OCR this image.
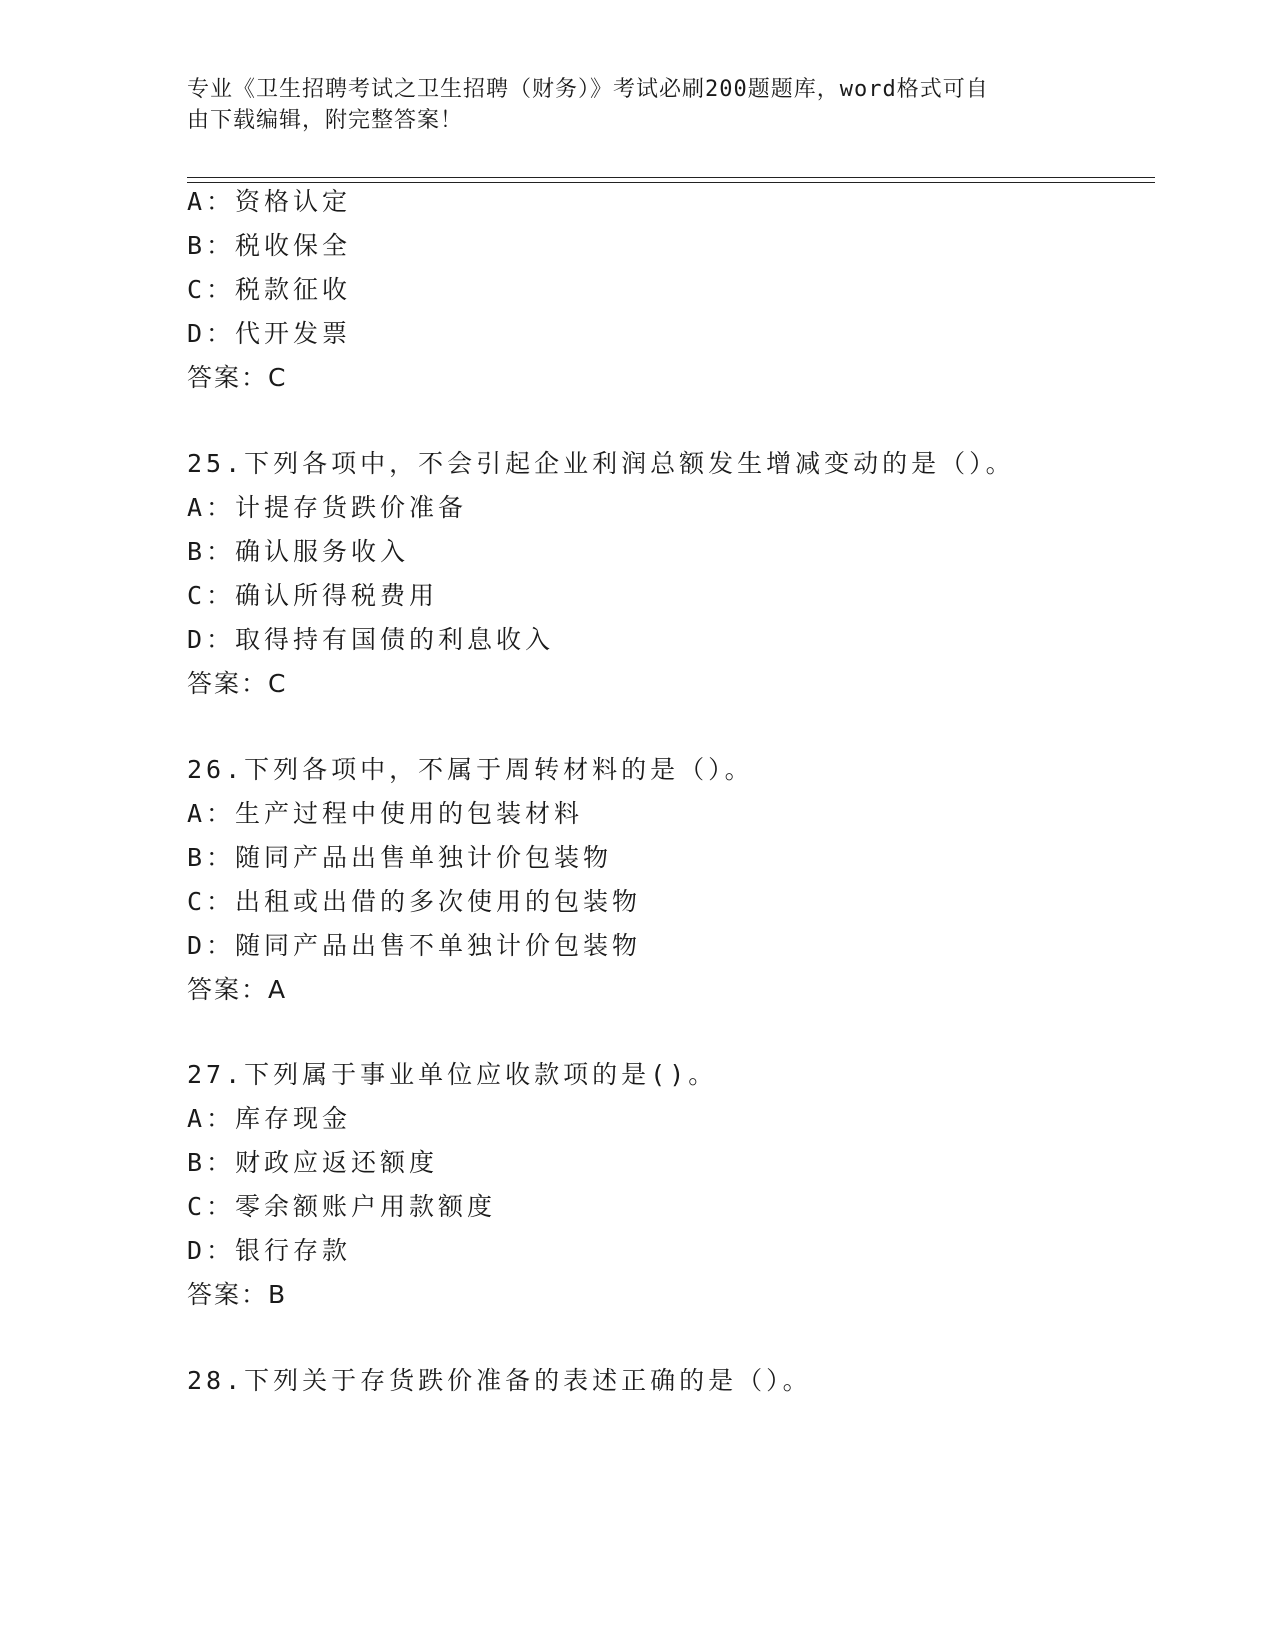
专业《卫生招聘考试之卫生招聘（财务）》考试必刷200题题库，word格式可自
由下载编辑，附完整答案！
A：资格认定
B：税收保全
C：税款征收
D：代开发票
答案：C
25.下列各项中，不会引起企业利润总额发生增减变动的是（）。
A：计提存货跌价准备
B：确认服务收入
C：确认所得税费用
D：取得持有国债的利息收入
答案：C
26.下列各项中，不属于周转材料的是（）。
A：生产过程中使用的包装材料
B：随同产品出售单独计价包装物
C：出租或出借的多次使用的包装物
D：随同产品出售不单独计价包装物
答案：A
27.下列属于事业单位应收款项的是()。
A：库存现金
B：财政应返还额度
C：零余额账户用款额度
D：银行存款
答案：B
28.下列关于存货跌价准备的表述正确的是（）。
